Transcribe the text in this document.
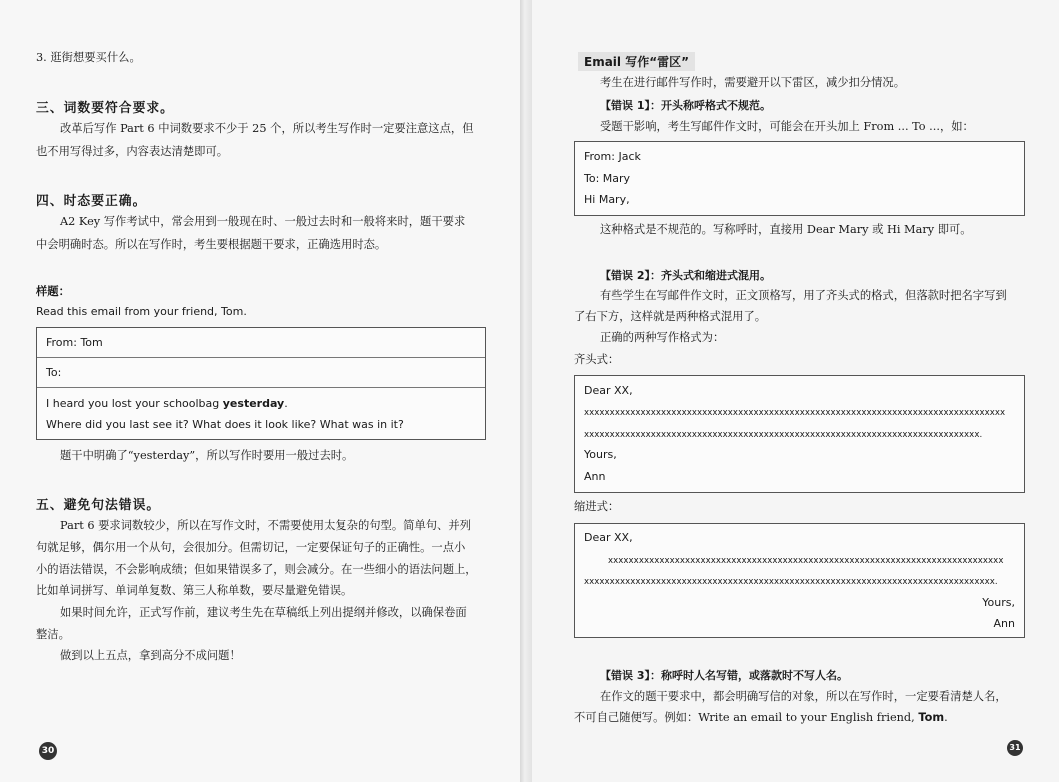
3. 逛街想要买什么。

三、词数要符合要求。

改革后写作 Part 6 中词数要求不少于 25 个，所以考生写作时一定要注意这点，但

也不用写得过多，内容表达清楚即可。

四、时态要正确。

A2 Key 写作考试中，常会用到一般现在时、一般过去时和一般将来时，题干要求

中会明确时态。所以在写作时，考生要根据题干要求，正确选用时态。

样题：

Read this email from your friend, Tom.

From: Tom

To:

I heard you lost your schoolbag yesterday.

Where did you last see it? What does it look like? What was in it?

题干中明确了“yesterday”，所以写作时要用一般过去时。

五、避免句法错误。

Part 6 要求词数较少，所以在写作文时，不需要使用太复杂的句型。简单句、并列

句就足够，偶尔用一个从句，会很加分。但需切记，一定要保证句子的正确性。一点小

小的语法错误，不会影响成绩；但如果错误多了，则会减分。在一些细小的语法问题上，

比如单词拼写、单词单复数、第三人称单数，要尽量避免错误。

如果时间允许，正式写作前，建议考生先在草稿纸上列出提纲并修改，以确保卷面

整洁。

做到以上五点，拿到高分不成问题！

30
Email 写作“雷区”

考生在进行邮件写作时，需要避开以下雷区，减少扣分情况。

【错误 1】：开头称呼格式不规范。

受题干影响，考生写邮件作文时，可能会在开头加上 From ... To ...，如：

From: Jack

To: Mary

Hi Mary,

这种格式是不规范的。写称呼时，直接用 Dear Mary 或 Hi Mary 即可。

【错误 2】：齐头式和缩进式混用。

有些学生在写邮件作文时，正文顶格写，用了齐头式的格式，但落款时把名字写到

了右下方，这样就是两种格式混用了。

正确的两种写作格式为：

齐头式：

Dear XX,

xxxxxxxxxxxxxxxxxxxxxxxxxxxxxxxxxxxxxxxxxxxxxxxxxxxxxxxxxxxxxxxxxxxxxxxxxxxxxxxxxx

xxxxxxxxxxxxxxxxxxxxxxxxxxxxxxxxxxxxxxxxxxxxxxxxxxxxxxxxxxxxxxxxxxxxxxxxxxxxx.

Yours,

Ann

缩进式：

Dear XX,

xxxxxxxxxxxxxxxxxxxxxxxxxxxxxxxxxxxxxxxxxxxxxxxxxxxxxxxxxxxxxxxxxxxxxxxxxxxxx

xxxxxxxxxxxxxxxxxxxxxxxxxxxxxxxxxxxxxxxxxxxxxxxxxxxxxxxxxxxxxxxxxxxxxxxxxxxxxxxx.

Yours,

Ann

【错误 3】：称呼时人名写错，或落款时不写人名。

在作文的题干要求中，都会明确写信的对象，所以在写作时，一定要看清楚人名，

不可自己随便写。例如：Write an email to your English friend, Tom.

31
